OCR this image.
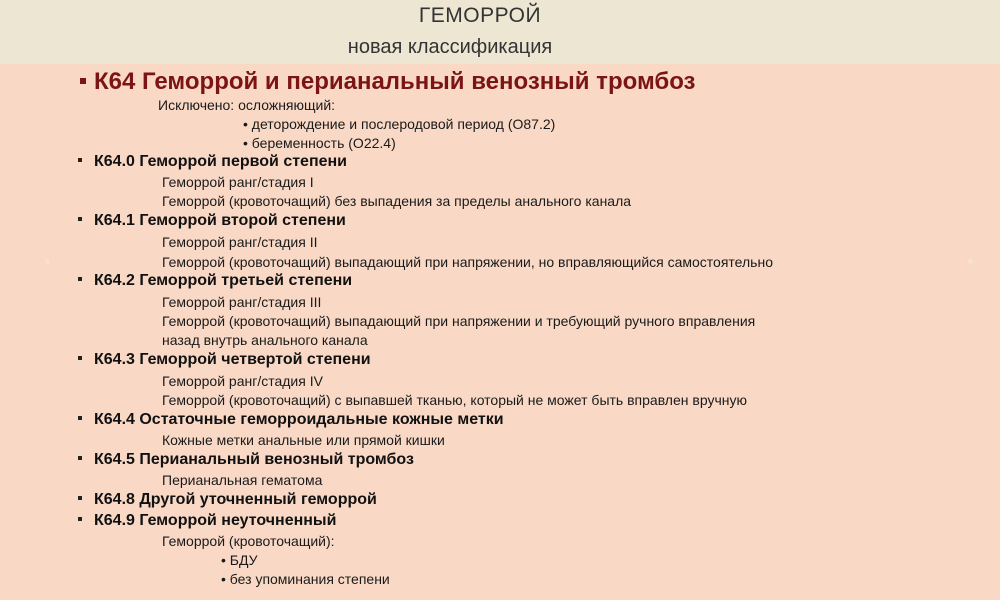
ГЕМОРРОЙ
новая классификация
К64 Геморрой и перианальный венозный тромбоз
Исключено: осложняющий:
• деторождение и послеродовой период (О87.2)
• беременность (О22.4)
К64.0 Геморрой первой степени
Геморрой ранг/стадия I
Геморрой (кровоточащий) без выпадения за пределы анального канала
К64.1 Геморрой второй степени
Геморрой ранг/стадия II
Геморрой (кровоточащий) выпадающий при напряжении, но вправляющийся самостоятельно
К64.2 Геморрой третьей степени
Геморрой ранг/стадия III
Геморрой (кровоточащий) выпадающий при напряжении и требующий ручного вправления
назад внутрь анального канала
К64.3 Геморрой четвертой степени
Геморрой ранг/стадия IV
Геморрой (кровоточащий) с выпавшей тканью, который не может быть вправлен вручную
К64.4 Остаточные геморроидальные кожные метки
Кожные метки анальные или прямой кишки
К64.5 Перианальный венозный тромбоз
Перианальная гематома
К64.8 Другой уточненный геморрой
К64.9 Геморрой неуточненный
Геморрой (кровоточащий):
• БДУ
• без упоминания степени
